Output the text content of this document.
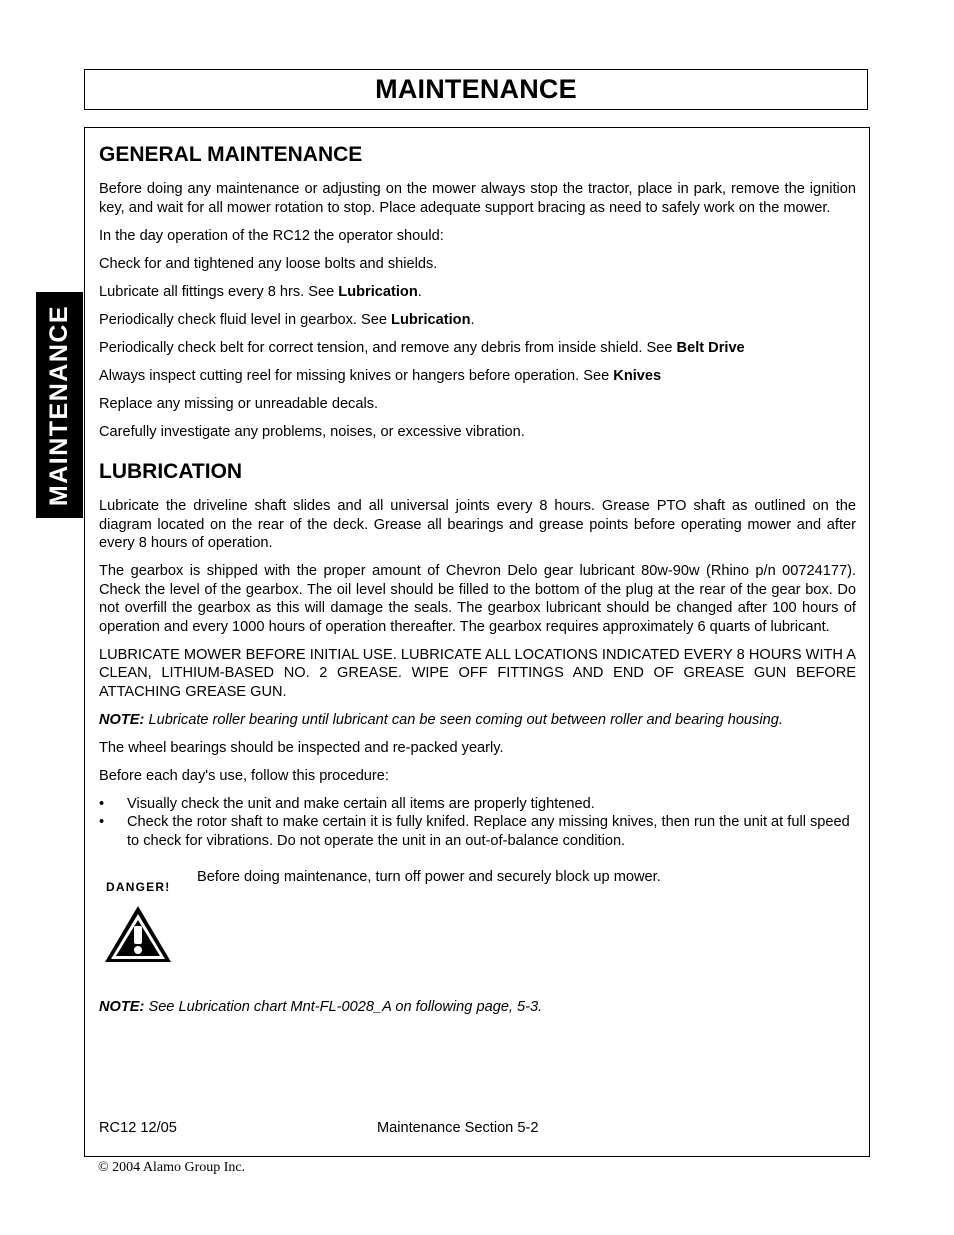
MAINTENANCE
MAINTENANCE
GENERAL MAINTENANCE

Before doing any maintenance or adjusting on the mower always stop the tractor, place in park, remove the ignition key, and wait for all mower rotation to stop. Place adequate support bracing as need to safely work on the mower.

In the day operation of the RC12 the operator should:

Check for and tightened any loose bolts and shields.

Lubricate all fittings every 8 hrs. See Lubrication.

Periodically check fluid level in gearbox. See Lubrication.

Periodically check belt for correct tension, and remove any debris from inside shield. See Belt Drive

Always inspect cutting reel for missing knives or hangers before operation. See Knives

Replace any missing or unreadable decals.

Carefully investigate any problems, noises, or excessive vibration.

LUBRICATION

Lubricate the driveline shaft slides and all universal joints every 8 hours. Grease PTO shaft as outlined on the diagram located on the rear of the deck. Grease all bearings and grease points before operating mower and after every 8 hours of operation.

The gearbox is shipped with the proper amount of Chevron Delo gear lubricant 80w-90w (Rhino p/n 00724177). Check the level of the gearbox. The oil level should be filled to the bottom of the plug at the rear of the gear box. Do not overfill the gearbox as this will damage the seals. The gearbox lubricant should be changed after 100 hours of operation and every 1000 hours of operation thereafter. The gearbox requires approximately 6 quarts of lubricant.

LUBRICATE MOWER BEFORE INITIAL USE. LUBRICATE ALL LOCATIONS INDICATED EVERY 8 HOURS WITH A CLEAN, LITHIUM-BASED NO. 2 GREASE. WIPE OFF FITTINGS AND END OF GREASE GUN BEFORE ATTACHING GREASE GUN.

NOTE: Lubricate roller bearing until lubricant can be seen coming out between roller and bearing housing.

The wheel bearings should be inspected and re-packed yearly.

Before each day's use, follow this procedure:

• Visually check the unit and make certain all items are properly tightened.
• Check the rotor shaft to make certain it is fully knifed. Replace any missing knives, then run the unit at full speed to check for vibrations. Do not operate the unit in an out-of-balance condition.
DANGER!
Before doing maintenance, turn off power and securely block up mower.

NOTE: See Lubrication chart Mnt-FL-0028_A on following page, 5-3.

RC12 12/05	Maintenance Section 5-2
© 2004 Alamo Group Inc.
